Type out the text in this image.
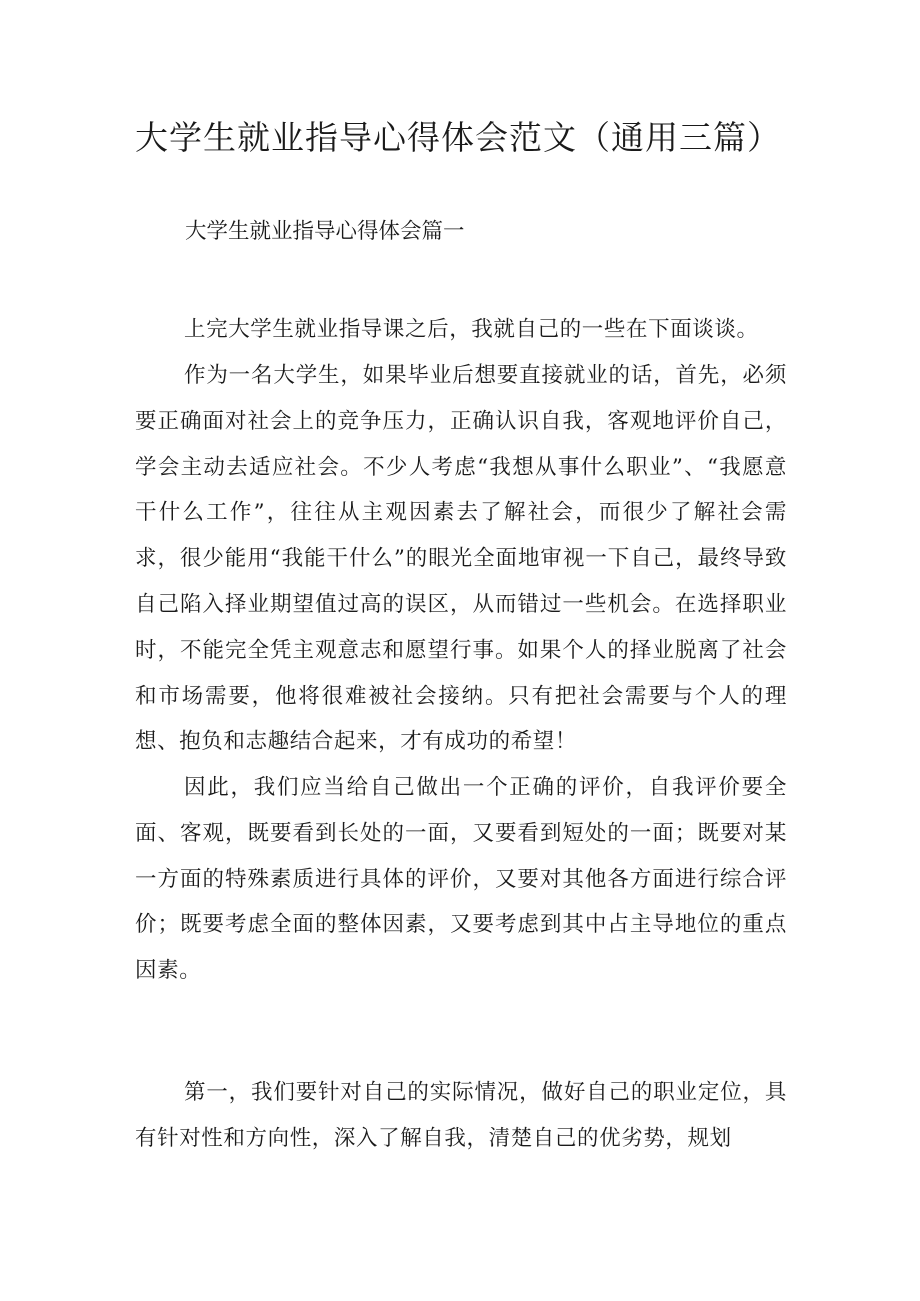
大学生就业指导心得体会范文（通用三篇）
大学生就业指导心得体会篇一

上完大学生就业指导课之后，我就自己的一些在下面谈谈。

作为一名大学生，如果毕业后想要直接就业的话，首先，必须要正确面对社会上的竞争压力，正确认识自我，客观地评价自己，学会主动去适应社会。不少人考虑“我想从事什么职业”、“我愿意干什么工作”，往往从主观因素去了解社会，而很少了解社会需求，很少能用“我能干什么”的眼光全面地审视一下自己，最终导致自己陷入择业期望值过高的误区，从而错过一些机会。在选择职业时，不能完全凭主观意志和愿望行事。如果个人的择业脱离了社会和市场需要，他将很难被社会接纳。只有把社会需要与个人的理想、抱负和志趣结合起来，才有成功的希望！

因此，我们应当给自己做出一个正确的评价，自我评价要全面、客观，既要看到长处的一面，又要看到短处的一面；既要对某一方面的特殊素质进行具体的评价，又要对其他各方面进行综合评价；既要考虑全面的整体因素，又要考虑到其中占主导地位的重点因素。

第一，我们要针对自己的实际情况，做好自己的职业定位，具有针对性和方向性，深入了解自我，清楚自己的优劣势，规划
